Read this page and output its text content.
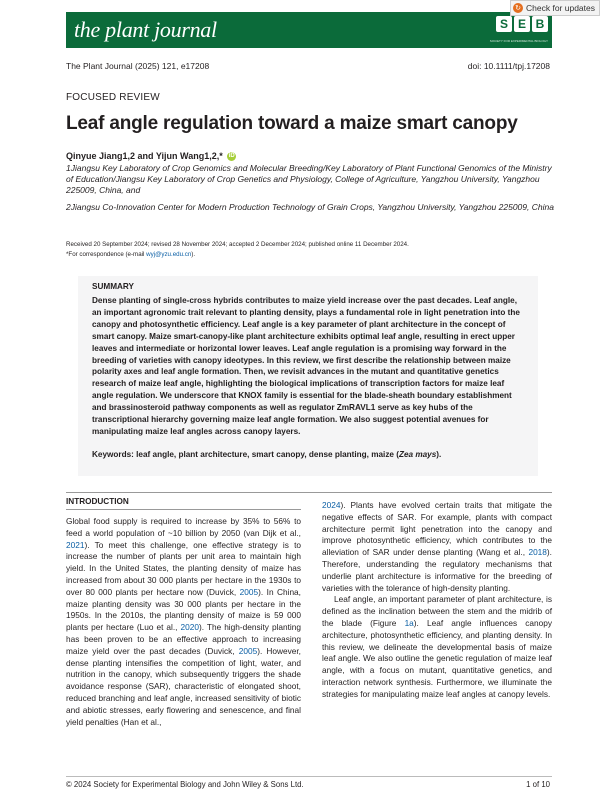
the plant journal	S E B
SOCIETY FOR EXPERIMENTAL BIOLOGY
↻ Check for updates
The Plant Journal (2025) 121, e17208	doi: 10.1111/tpj.17208
FOCUSED REVIEW
Leaf angle regulation toward a maize smart canopy
Qinyue Jiang1,2 and Yijun Wang1,2,* iD
1Jiangsu Key Laboratory of Crop Genomics and Molecular Breeding/Key Laboratory of Plant Functional Genomics of the Ministry of Education/Jiangsu Key Laboratory of Crop Genetics and Physiology, College of Agriculture, Yangzhou University, Yangzhou 225009, China, and
2Jiangsu Co-Innovation Center for Modern Production Technology of Grain Crops, Yangzhou University, Yangzhou 225009, China
Received 20 September 2024; revised 28 November 2024; accepted 2 December 2024; published online 11 December 2024.
*For correspondence (e-mail wyj@yzu.edu.cn).
SUMMARY
Dense planting of single-cross hybrids contributes to maize yield increase over the past decades. Leaf angle, an important agronomic trait relevant to planting density, plays a fundamental role in light penetration into the canopy and photosynthetic efficiency. Leaf angle is a key parameter of plant architecture in the concept of smart canopy. Maize smart-canopy-like plant architecture exhibits optimal leaf angle, resulting in erect upper leaves and intermediate or horizontal lower leaves. Leaf angle regulation is a promising way forward in the breeding of varieties with canopy ideotypes. In this review, we first describe the relationship between maize polarity axes and leaf angle formation. Then, we revisit advances in the mutant and quantitative genetics research of maize leaf angle, highlighting the biological implications of transcription factors for maize leaf angle regulation. We underscore that KNOX family is essential for the blade-sheath boundary establishment and brassinosteroid pathway components as well as regulator ZmRAVL1 serve as key hubs of the transcriptional hierarchy governing maize leaf angle formation. We also suggest potential avenues for manipulating maize leaf angles across canopy layers.
Keywords: leaf angle, plant architecture, smart canopy, dense planting, maize (Zea mays).
INTRODUCTION

Global food supply is required to increase by 35% to 56% to feed a world population of ~10 billion by 2050 (van Dijk et al., 2021). To meet this challenge, one effective strategy is to increase the number of plants per unit area to maintain high yield. In the United States, the planting density of maize has increased from about 30 000 plants per hectare in the 1930s to over 80 000 plants per hectare now (Duvick, 2005). In China, maize planting density was 30 000 plants per hectare in the 1950s. In the 2010s, the planting density of maize is 59 000 plants per hectare (Luo et al., 2020). The high-density planting has been proven to be an effective approach to increasing maize yield over the past decades (Duvick, 2005). However, dense planting intensifies the competition of light, water, and nutrition in the canopy, which subsequently triggers the shade avoidance response (SAR), characteristic of elongated shoot, reduced branching and leaf angle, increased sensitivity of biotic and abiotic stresses, early flowering and senescence, and final yield penalties (Han et al.,

2024). Plants have evolved certain traits that mitigate the negative effects of SAR. For example, plants with compact architecture permit light penetration into the canopy and improve photosynthetic efficiency, which contributes to the alleviation of SAR under dense planting (Wang et al., 2018). Therefore, understanding the regulatory mechanisms that underlie plant architecture is informative for the breeding of varieties with the tolerance of high-density planting.

Leaf angle, an important parameter of plant architecture, is defined as the inclination between the stem and the midrib of the blade (Figure 1a). Leaf angle influences canopy architecture, photosynthetic efficiency, and planting density. In this review, we delineate the developmental basis of maize leaf angle. We also outline the genetic regulation of maize leaf angle, with a focus on mutant, quantitative genetics, and interaction network synthesis. Furthermore, we illuminate the strategies for manipulating maize leaf angles at canopy levels.

© 2024 Society for Experimental Biology and John Wiley & Sons Ltd.	1 of 10
